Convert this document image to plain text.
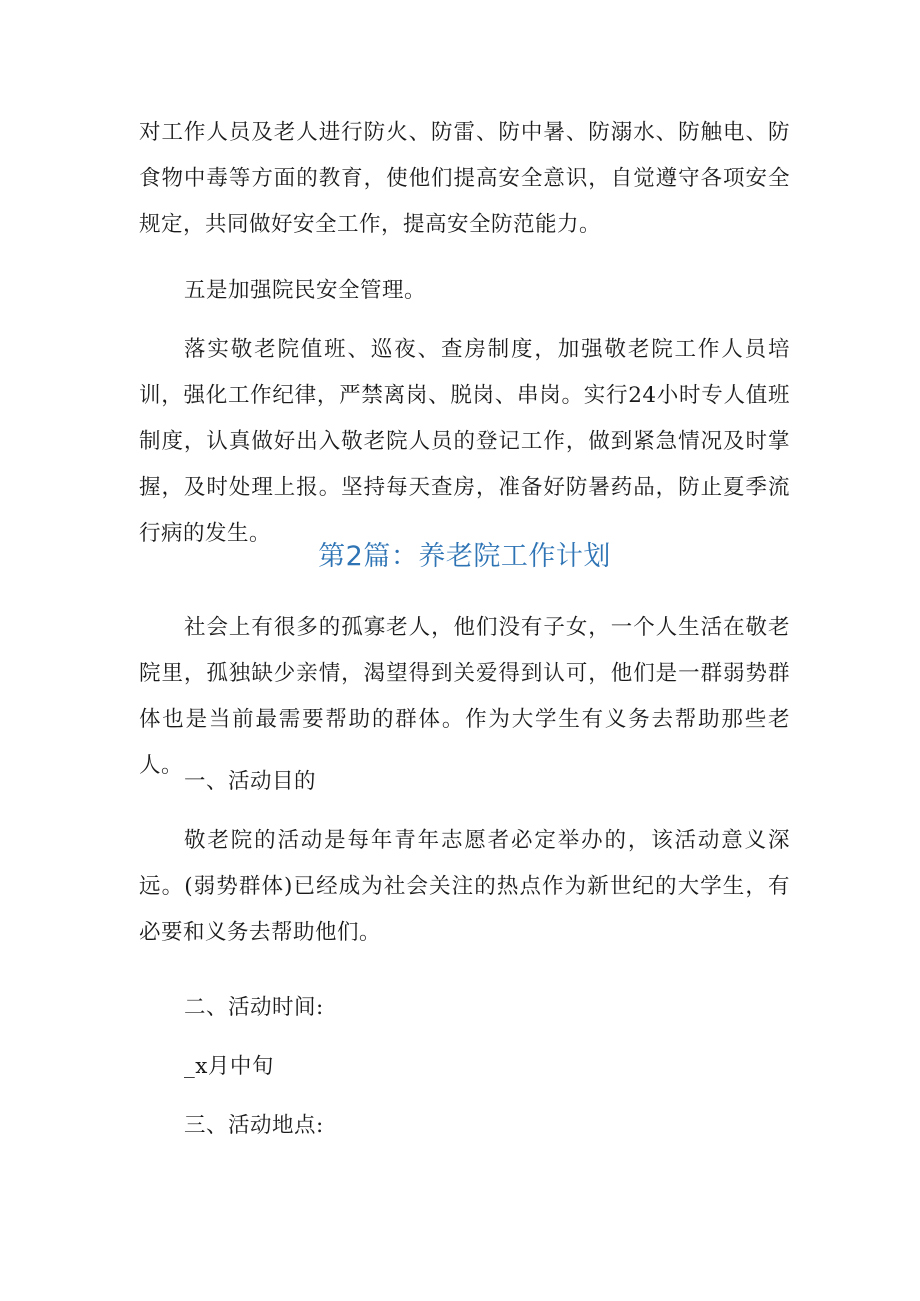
对工作人员及老人进行防火、防雷、防中暑、防溺水、防触电、防食物中毒等方面的教育，使他们提高安全意识，自觉遵守各项安全规定，共同做好安全工作，提高安全防范能力。

五是加强院民安全管理。

落实敬老院值班、巡夜、查房制度，加强敬老院工作人员培训，强化工作纪律，严禁离岗、脱岗、串岗。实行24小时专人值班制度，认真做好出入敬老院人员的登记工作，做到紧急情况及时掌握，及时处理上报。坚持每天查房，准备好防暑药品，防止夏季流行病的发生。

第2篇：养老院工作计划

社会上有很多的孤寡老人，他们没有子女，一个人生活在敬老院里，孤独缺少亲情，渴望得到关爱得到认可，他们是一群弱势群体也是当前最需要帮助的群体。作为大学生有义务去帮助那些老人。

一、活动目的

敬老院的活动是每年青年志愿者必定举办的，该活动意义深远。(弱势群体)已经成为社会关注的热点作为新世纪的大学生，有必要和义务去帮助他们。

二、活动时间:

_x月中旬

三、活动地点:
